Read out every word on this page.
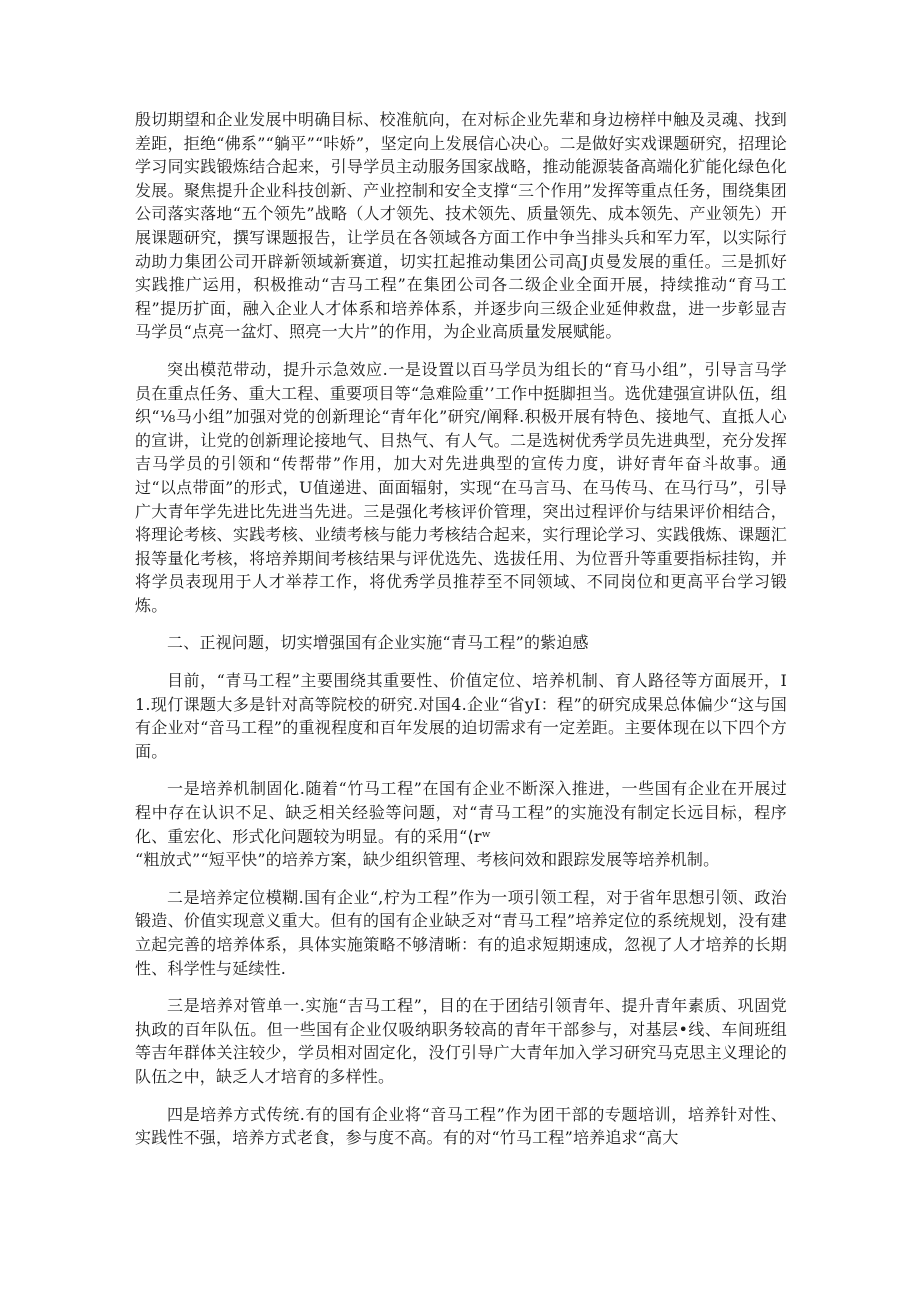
殷切期望和企业发展中明确目标、校准航向，在对标企业先辈和身边榜样中触及灵魂、找到差距，拒绝“佛系”“躺平”“咔娇”，坚定向上发展信心决心。二是做好实戏课题研究，招理论学习同实践锻炼结合起来，引导学员主动服务国家战略，推动能源装备高端化犷能化绿色化发展。聚焦提升企业科技创新、产业控制和安全支撑“三个作用”发挥等重点任务，围绕集团公司落实落地“五个领先”战略（人才领先、技术领先、质量领先、成本领先、产业领先）开展课题研究，撰写课题报告，让学员在各领域各方面工作中争当排头兵和军力军，以实际行动助力集团公司开辟新领域新赛道，切实扛起推动集团公司高J贞曼发展的重任。三是抓好实践推广运用，积极推动“吉马工程”在集团公司各二级企业全面开展，持续推动“育马工程”提历扩面，融入企业人才体系和培养体系，并逐步向三级企业延伸救盘，进一步彰显吉马学员“点亮一盆灯、照亮一大片”的作用，为企业高质量发展赋能。

突出模范带动，提升示急效应.一是设置以百马学员为组长的“育马小组”，引导言马学员在重点任务、重大工程、重要项目等“急难险重’’工作中挺脚担当。选优建强宣讲队伍，组织“⅛马小组”加强对党的创新理论“青年化”研究∕阐释.积极开展有特色、接地气、直抵人心的宣讲，让党的创新理论接地气、目热气、有人气。二是选树优秀学员先进典型，充分发挥吉马学员的引领和“传帮带”作用，加大对先进典型的宣传力度，讲好青年奋斗故事。通过“以点带面”的形式，U值递进、面面辐射，实现“在马言马、在马传马、在马行马”，引导广大青年学先进比先进当先进。三是强化考核评价管理，突出过程评价与结果评价相结合，将理论考核、实践考核、业绩考核与能力考核结合起来，实行理论学习、实践俄炼、课题汇报等量化考核，将培养期间考核结果与评优选先、选拔任用、为位晋升等重要指标挂钩，并将学员表现用于人才举荐工作，将优秀学员推荐至不同领域、不同岗位和更高平台学习锻炼。

二、正视问题，切实增强国有企业实施“青马工程”的紫迫感

目前，“青马工程”主要围绕其重要性、价值定位、培养机制、育人路径等方面展开，I1.现仃课题大多是针对高等院校的研究.对国4.企业“省yI：程”的研究成果总体偏少“这与国有企业对“音马工程”的重视程度和百年发展的迫切需求有一定差距。主要体现在以下四个方面。

一是培养机制固化.随着“竹马工程”在国有企业不断深入推进，一些国有企业在开展过程中存在认识不足、缺乏相关经验等问题，对“青马工程”的实施没有制定长远目标，程序化、重宏化、形式化问题较为明显。有的采用“⟨rʷ

“粗放式”“短平快”的培养方案，缺少组织管理、考核问效和跟踪发展等培养机制。

二是培养定位模糊.国有企业“,柠为工程”作为一项引领工程，对于省年思想引领、政治锻造、价值实现意义重大。但有的国有企业缺乏对“青马工程”培养定位的系统规划，没有建立起完善的培养体系，具体实施策略不够清晰：有的追求短期速成，忽视了人才培养的长期性、科学性与延续性.

三是培养对管单一.实施“吉马工程”，目的在于团结引领青年、提升青年素质、巩固党执政的百年队伍。但一些国有企业仅吸纳职务较高的青年干部参与，对基层•线、车间班组等吉年群体关注较少，学员相对固定化，没仃引导广大青年加入学习研究马克思主义理论的队伍之中，缺乏人才培育的多样性。

四是培养方式传统.有的国有企业将“音马工程”作为团干部的专题培训，培养针对性、实践性不强，培养方式老食，参与度不高。有的对“竹马工程”培养追求“高大
